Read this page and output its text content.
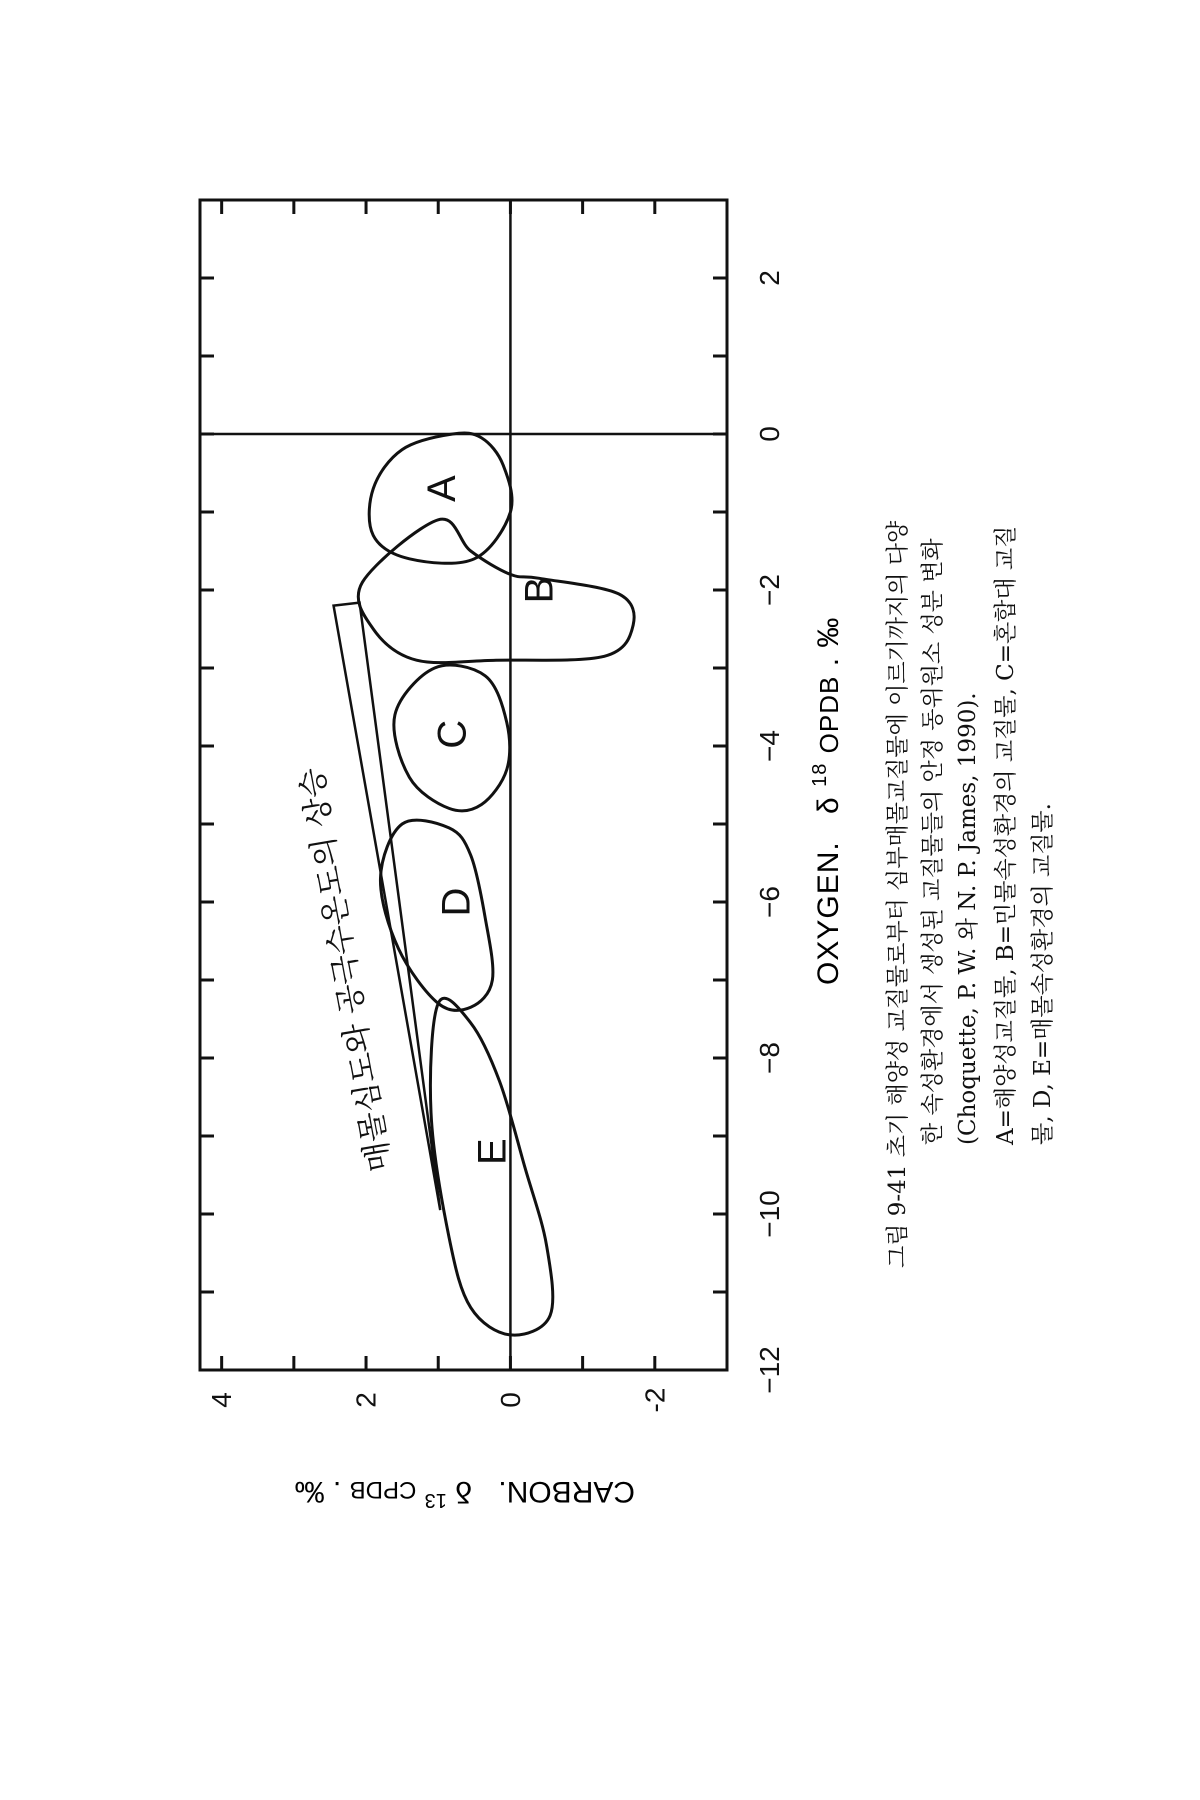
−12
−10
−8
−6
−4
−2
0
2
-2
0
2
4
A
B
C
D
E
매몰심도와 공극수온도의 상승	OXYGEN. δ $^{18}$ OPDB . ‰
CARBON. δ $^{13}$ $_{CPDB}$ . ‰
그림 9-41 초기 해양성 교질물로부터 심부매몰교질물에 이르기까지의 다양 한 속성환경에서 생성된 교질물들의 안정 동위원소 성분 변화 (Choquette, P. W. 와 N. P. James, 1990). A=해양성교질물, B=민물속성환경의 교질물, C=혼합대 교질 물, D, E=매몰속성환경의 교질물.
